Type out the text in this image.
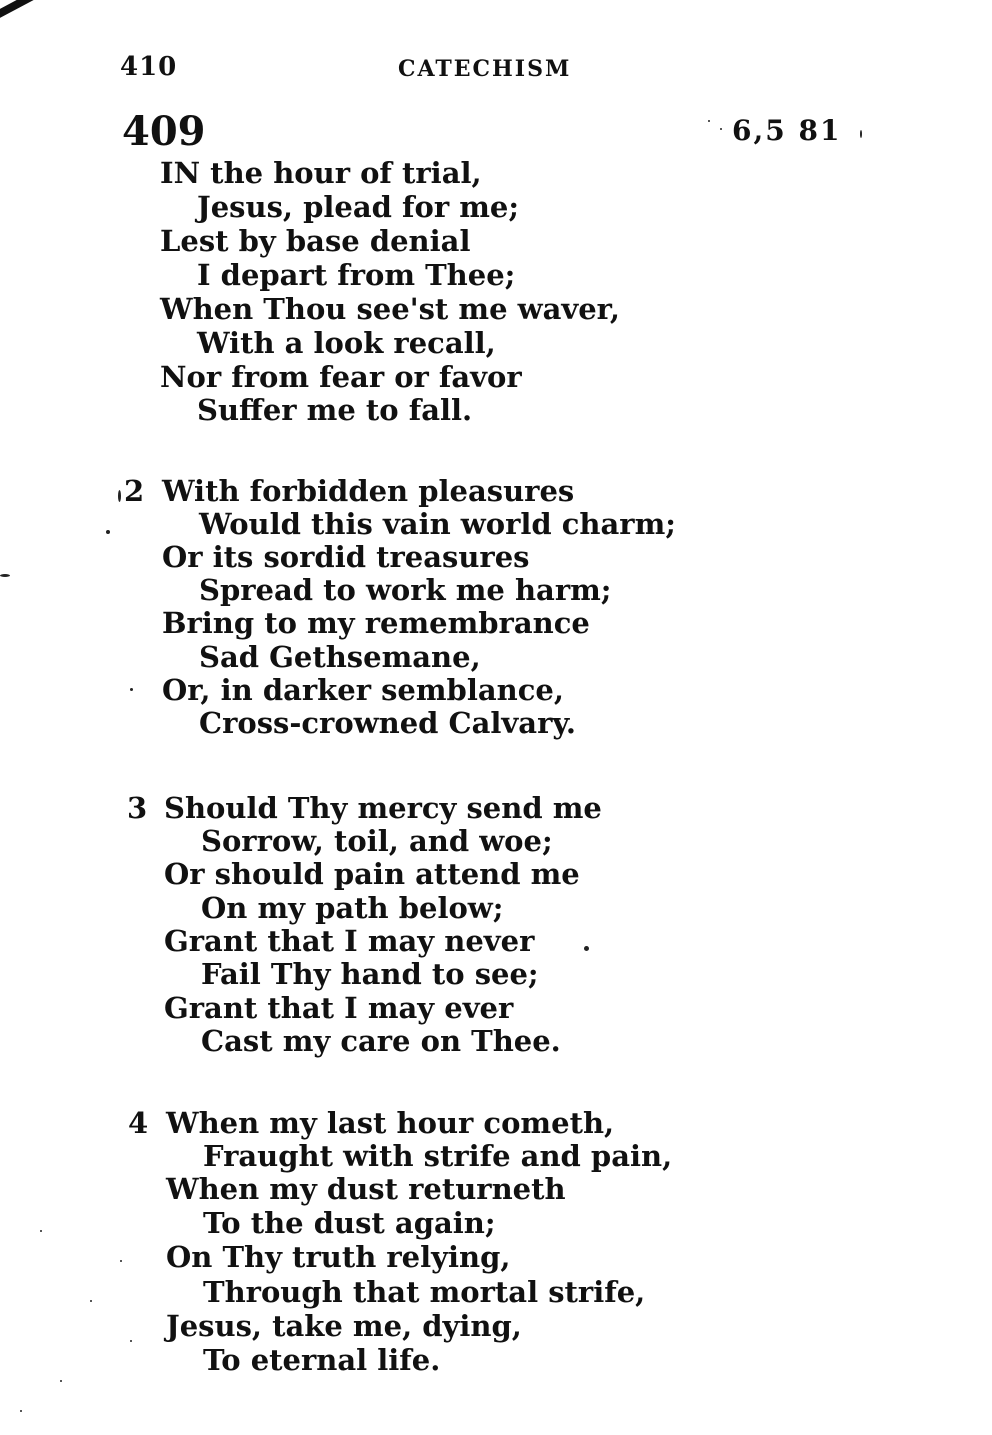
410	CATECHISM
409	6,5 81
IN the hour of trial,
Jesus, plead for me;
Lest by base denial
I depart from Thee;
When Thou see'st me waver,
With a look recall,
Nor from fear or favor
Suffer me to fall.
2 With forbidden pleasures
Would this vain world charm;
Or its sordid treasures
Spread to work me harm;
Bring to my remembrance
Sad Gethsemane,
Or, in darker semblance,
Cross-crowned Calvary.
3 Should Thy mercy send me
Sorrow, toil, and woe;
Or should pain attend me
On my path below;
Grant that I may never
Fail Thy hand to see;
Grant that I may ever
Cast my care on Thee.
4 When my last hour cometh,
Fraught with strife and pain,
When my dust returneth
To the dust again;
On Thy truth relying,
Through that mortal strife,
Jesus, take me, dying,
To eternal life.
